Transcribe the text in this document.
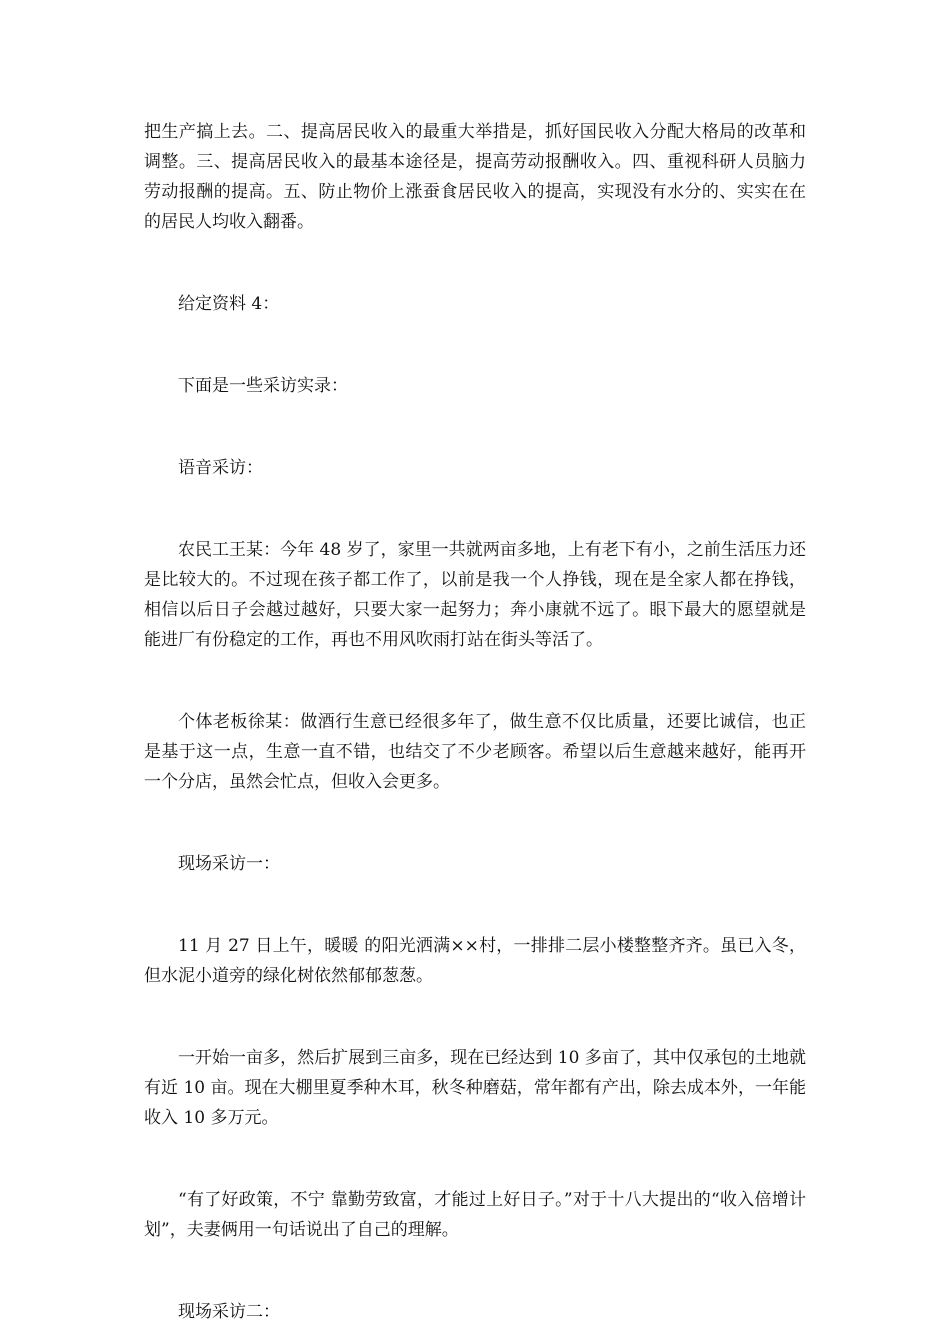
把生产搞上去。二、提高居民收入的最重大举措是，抓好国民收入分配大格局的改革和调整。三、提高居民收入的最基本途径是，提高劳动报酬收入。四、重视科研人员脑力劳动报酬的提高。五、防止物价上涨蚕食居民收入的提高，实现没有水分的、实实在在的居民人均收入翻番。

给定资料 4：

下面是一些采访实录：

语音采访：

农民工王某：今年 48 岁了，家里一共就两亩多地，上有老下有小，之前生活压力还是比较大的。不过现在孩子都工作了，以前是我一个人挣钱，现在是全家人都在挣钱，相信以后日子会越过越好，只要大家一起努力；奔小康就不远了。眼下最大的愿望就是能进厂有份稳定的工作，再也不用风吹雨打站在街头等活了。

个体老板徐某：做酒行生意已经很多年了，做生意不仅比质量，还要比诚信，也正是基于这一点，生意一直不错，也结交了不少老顾客。希望以后生意越来越好，能再开一个分店，虽然会忙点，但收入会更多。

现场采访一：

11 月 27 日上午，暖暖 的阳光洒满××村，一排排二层小楼整整齐齐。虽已入冬，但水泥小道旁的绿化树依然郁郁葱葱。

一开始一亩多，然后扩展到三亩多，现在已经达到 10 多亩了，其中仅承包的土地就有近 10 亩。现在大棚里夏季种木耳，秋冬种磨菇，常年都有产出，除去成本外，一年能收入 10 多万元。

“有了好政策，不宁 靠勤劳致富，才能过上好日子。”对于十八大提出的“收入倍增计划”，夫妻俩用一句话说出了自己的理解。

现场采访二：
